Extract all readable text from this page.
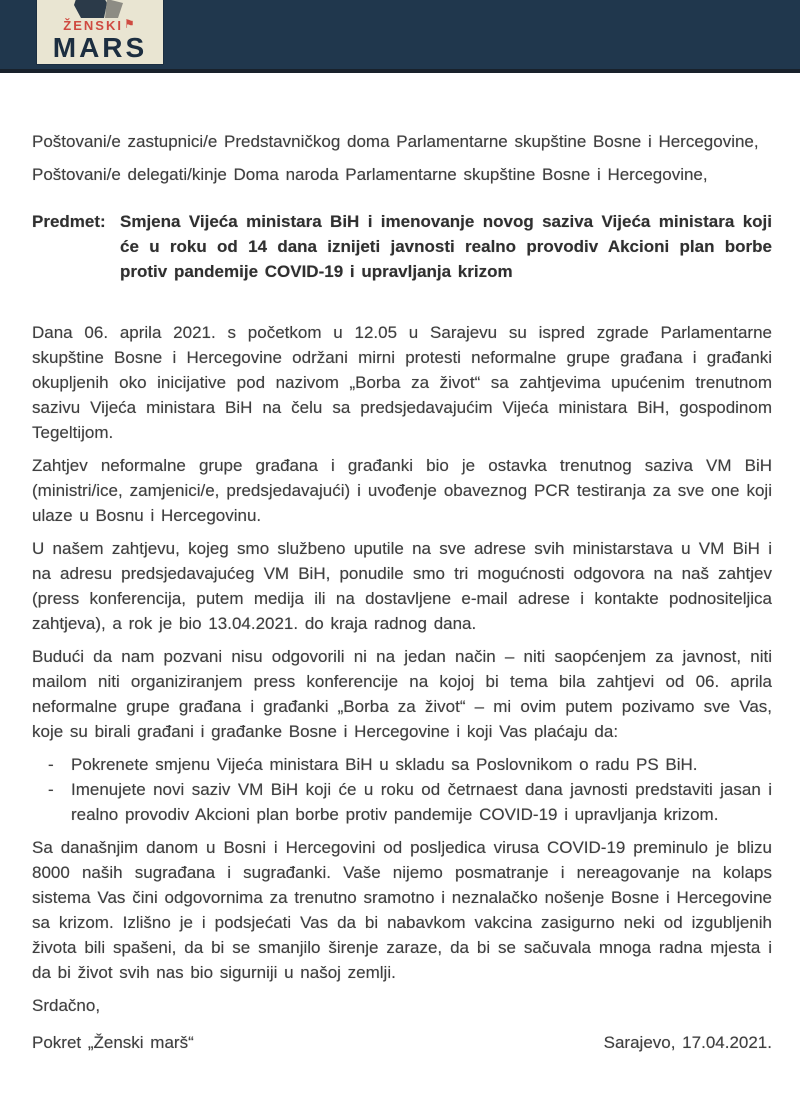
ŽENSKI⚑
MARS

Poštovani/e zastupnici/e Predstavničkog doma Parlamentarne skupštine Bosne i Hercegovine,

Poštovani/e delegati/kinje Doma naroda Parlamentarne skupštine Bosne i Hercegovine,

Predmet: Smjena Vijeća ministara BiH i imenovanje novog saziva Vijeća ministara koji će u roku od 14 dana iznijeti javnosti realno provodiv Akcioni plan borbe protiv pandemije COVID-19 i upravljanja krizom

Dana 06. aprila 2021. s početkom u 12.05 u Sarajevu su ispred zgrade Parlamentarne skupštine Bosne i Hercegovine održani mirni protesti neformalne grupe građana i građanki okupljenih oko inicijative pod nazivom „Borba za život“ sa zahtjevima upućenim trenutnom sazivu Vijeća ministara BiH na čelu sa predsjedavajućim Vijeća ministara BiH, gospodinom Tegeltijom.

Zahtjev neformalne grupe građana i građanki bio je ostavka trenutnog saziva VM BiH (ministri/ice, zamjenici/e, predsjedavajući) i uvođenje obaveznog PCR testiranja za sve one koji ulaze u Bosnu i Hercegovinu.

U našem zahtjevu, kojeg smo službeno uputile na sve adrese svih ministarstava u VM BiH i na adresu predsjedavajućeg VM BiH, ponudile smo tri mogućnosti odgovora na naš zahtjev (press konferencija, putem medija ili na dostavljene e-mail adrese i kontakte podnositeljica zahtjeva), a rok je bio 13.04.2021. do kraja radnog dana.

Budući da nam pozvani nisu odgovorili ni na jedan način – niti saopćenjem za javnost, niti mailom niti organiziranjem press konferencije na kojoj bi tema bila zahtjevi od 06. aprila neformalne grupe građana i građanki „Borba za život“ – mi ovim putem pozivamo sve Vas, koje su birali građani i građanke Bosne i Hercegovine i koji Vas plaćaju da:

-	Pokrenete smjenu Vijeća ministara BiH u skladu sa Poslovnikom o radu PS BiH.
-	Imenujete novi saziv VM BiH koji će u roku od četrnaest dana javnosti predstaviti jasan i realno provodiv Akcioni plan borbe protiv pandemije COVID-19 i upravljanja krizom.

Sa današnjim danom u Bosni i Hercegovini od posljedica virusa COVID-19 preminulo je blizu 8000 naših sugrađana i sugrađanki. Vaše nijemo posmatranje i nereagovanje na kolaps sistema Vas čini odgovornima za trenutno sramotno i neznalačko nošenje Bosne i Hercegovine sa krizom. Izlišno je i podsjećati Vas da bi nabavkom vakcina zasigurno neki od izgubljenih života bili spašeni, da bi se smanjilo širenje zaraze, da bi se sačuvala mnoga radna mjesta i da bi život svih nas bio sigurniji u našoj zemlji.

Srdačno,

Pokret „Ženski marš“	Sarajevo, 17.04.2021.
